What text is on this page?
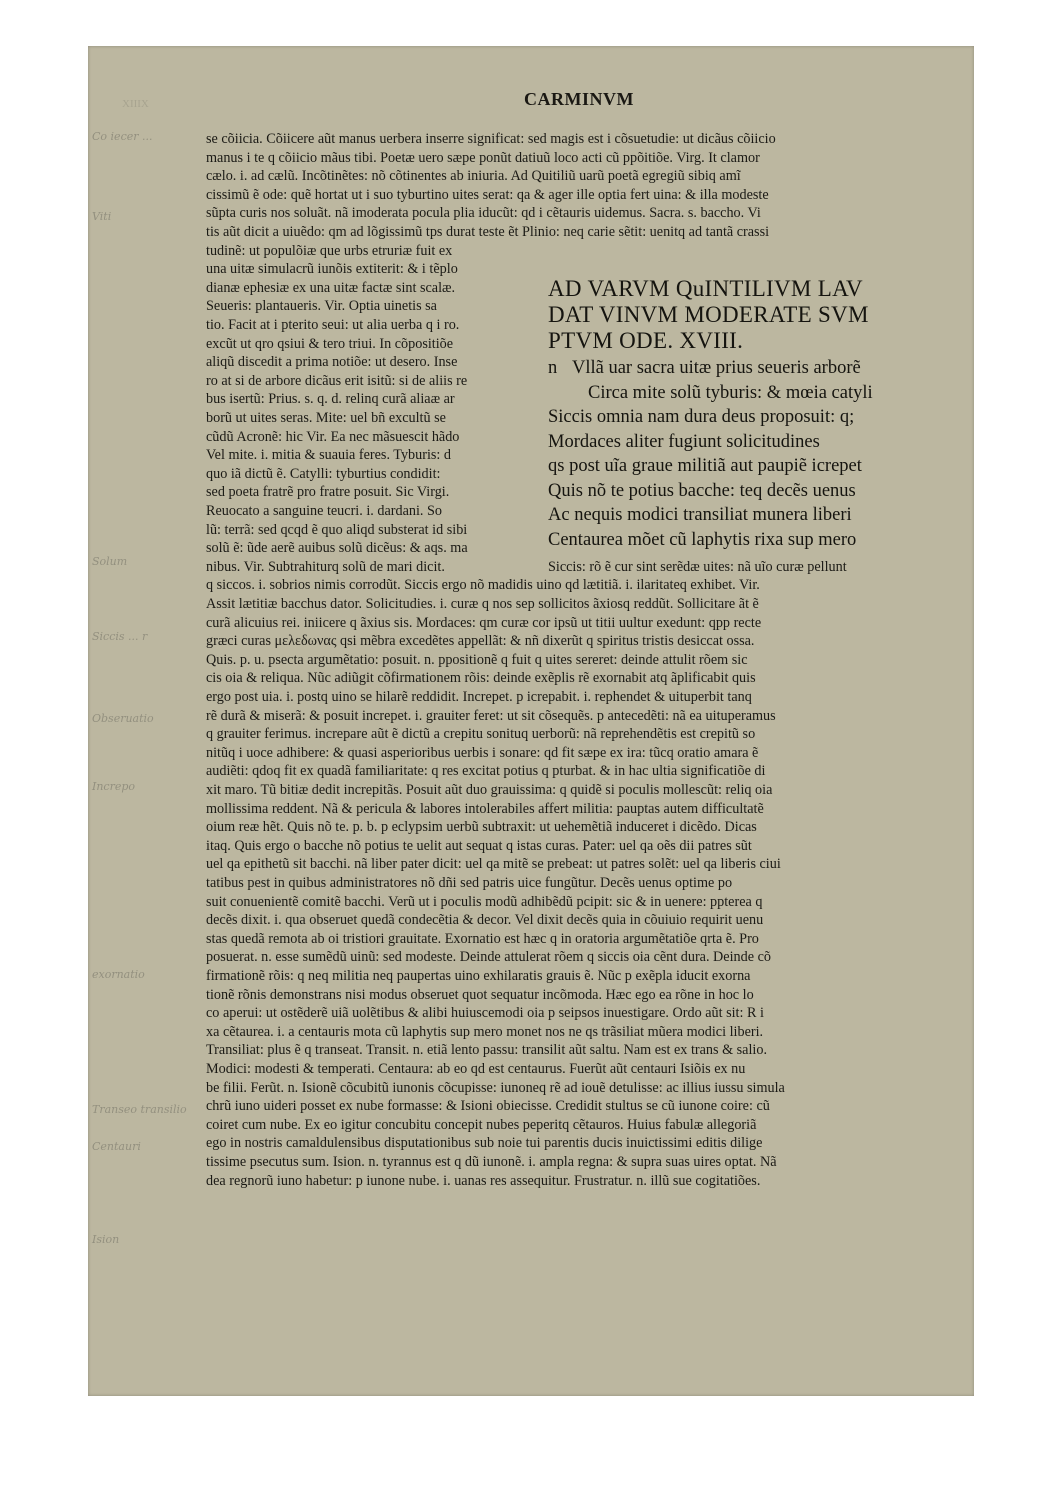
XIIIX	CARMINVM
se cõiicia. Cõiicere aũt manus uerbera inserre significat: sed magis est i cõsuetudie: ut dicãus cõiicio
manus i te q cõiicio mãus tibi. Poetæ uero sæpe ponũt datiuũ loco acti cũ ppõitiõe. Virg. It clamor
cælo. i. ad cælũ. Incõtinẽtes: nõ cõtinentes ab iniuria. Ad Quitiliũ uarũ poetã egregiũ sibiq amĩ
cissimũ ẽ ode: quẽ hortat ut i suo tyburtino uites serat: qa & ager ille optia fert uina: & illa modeste
sũpta curis nos soluãt. nã imoderata pocula plia iducũt: qd i cẽtauris uidemus. Sacra. s. baccho. Vi
tis aũt dicit a uiuẽdo: qm ad lõgissimũ tps durat teste ẽt Plinio: neq carie sẽtit: uenitq ad tantã crassi
tudinẽ: ut populõiæ que urbs etruriæ fuit ex
una uitæ simulacrũ iunõis extiterit: & i tẽplo
dianæ ephesiæ ex una uitæ factæ sint scalæ.
Seueris: plantaueris. Vir. Optia uinetis sa
tio. Facit at i pterito seui: ut alia uerba q i ro.
excũt ut qro qsiui & tero triui. In cõpositiõe
aliqũ discedit a prima notiõe: ut desero. Inse
ro at si de arbore dicãus erit isitũ: si de aliis re
bus isertũ: Prius. s. q. d. relinq curã aliaæ ar
borũ ut uites seras. Mite: uel bñ excultũ se
cũdũ Acronẽ: hic Vir. Ea nec mãsuescit hãdo
Vel mite. i. mitia & suauia feres. Tyburis: d
quo iã dictũ ẽ. Catylli: tyburtius condidit:
sed poeta fratrẽ pro fratre posuit. Sic Virgi.
Reuocato a sanguine teucri. i. dardani. So
lũ: terrã: sed qcqd ẽ quo aliqd substerat id sibi
solũ ẽ: ũde aerẽ auibus solũ dicẽus: & aqs. ma
nibus. Vir. Subtrahiturq solũ de mari dicit.
AD VARVM QuINTILIVM LAV
DAT VINVM MODERATE SVM
PTVM ODE. XVIII.
n Vllã uar sacra uitæ prius seueris arborẽ
Circa mite solũ tyburis: & mœia catyli
Siccis omnia nam dura deus proposuit: q;
Mordaces aliter fugiunt solicitudines
qs post uĩa graue militiã aut paupiẽ icrepet
Quis nõ te potius bacche: teq decẽs uenus
Ac nequis modici transiliat munera liberi
Centaurea mõet cũ laphytis rixa sup mero
Siccis: rõ ẽ cur sint serẽdæ uites: nã uĩo curæ pellunt
q siccos. i. sobrios nimis corrodũt. Siccis ergo nõ madidis uino qd lætitiã. i. ilaritateq exhibet. Vir.
Assit lætitiæ bacchus dator. Solicitudies. i. curæ q nos sep sollicitos ãxiosq reddũt. Sollicitare ãt ẽ
curã alicuius rei. iniicere q ãxius sis. Mordaces: qm curæ cor ipsũ ut titii uultur exedunt: qpp recte
græci curas μελεδωνας qsi mẽbra excedẽtes appellãt: & nñ dixerũt q spiritus tristis desiccat ossa.
Quis. p. u. psecta argumẽtatio: posuit. n. ppositionẽ q fuit q uites sereret: deinde attulit rõem sic
cis oia & reliqua. Nũc adiũgit cõfirmationem rõis: deinde exẽplis rẽ exornabit atq ãplificabit quis
ergo post uia. i. postq uino se hilarẽ reddidit. Increpet. p icrepabit. i. rephendet & uituperbit tanq
rẽ durã & miserã: & posuit increpet. i. grauiter feret: ut sit cõsequẽs. p antecedẽti: nã ea uituperamus
q grauiter ferimus. increpare aũt ẽ dictũ a crepitu sonituq uerborũ: nã reprehendẽtis est crepitũ so
nitũq i uoce adhibere: & quasi asperioribus uerbis i sonare: qd fit sæpe ex ira: tũcq oratio amara ẽ
audiẽti: qdoq fit ex quadã familiaritate: q res excitat potius q pturbat. & in hac ultia significatiõe di
xit maro. Tũ bitiæ dedit increpitãs. Posuit aũt duo grauissima: q quidẽ si poculis mollescũt: reliq oia
mollissima reddent. Nã & pericula & labores intolerabiles affert militia: pauptas autem difficultatẽ
oium reæ hẽt. Quis nõ te. p. b. p eclypsim uerbũ subtraxit: ut uehemẽtiã induceret i dicẽdo. Dicas
itaq. Quis ergo o bacche nõ potius te uelit aut sequat q istas curas. Pater: uel qa oẽs dii patres sũt
uel qa epithetũ sit bacchi. nã liber pater dicit: uel qa mitẽ se prebeat: ut patres solẽt: uel qa liberis ciui
tatibus pest in quibus administratores nõ dñi sed patris uice fungũtur. Decẽs uenus optime po
suit conuenientẽ comitẽ bacchi. Verũ ut i poculis modũ adhibẽdũ pcipit: sic & in uenere: ppterea q
decẽs dixit. i. qua obseruet quedã condecẽtia & decor. Vel dixit decẽs quia in cõuiuio requirit uenu
stas quedã remota ab oi tristiori grauitate. Exornatio est hæc q in oratoria argumẽtatiõe qrta ẽ. Pro
posuerat. n. esse sumẽdũ uinũ: sed modeste. Deinde attulerat rõem q siccis oia cẽnt dura. Deinde cõ
firmationẽ rõis: q neq militia neq paupertas uino exhilaratis grauis ẽ. Nũc p exẽpla iducit exorna
tionẽ rõnis demonstrans nisi modus obseruet quot sequatur incõmoda. Hæc ego ea rõne in hoc lo
co aperui: ut ostẽderẽ uiã uolẽtibus & alibi huiuscemodi oia p seipsos inuestigare. Ordo aũt sit: R i
xa cẽtaurea. i. a centauris mota cũ laphytis sup mero monet nos ne qs trãsiliat mũera modici liberi.
Transiliat: plus ẽ q transeat. Transit. n. etiã lento passu: transilit aũt saltu. Nam est ex trans & salio.
Modici: modesti & temperati. Centaura: ab eo qd est centaurus. Fuerũt aũt centauri Isiõis ex nu
be filii. Ferũt. n. Isionẽ cõcubitũ iunonis cõcupisse: iunoneq rẽ ad iouẽ detulisse: ac illius iussu simula
chrũ iuno uideri posset ex nube formasse: & Isioni obiecisse. Credidit stultus se cũ iunone coire: cũ
coiret cum nube. Ex eo igitur concubitu concepit nubes peperitq cẽtauros. Huius fabulæ allegoriã
ego in nostris camaldulensibus disputationibus sub noie tui parentis ducis inuictissimi editis dilige
tissime psecutus sum. Ision. n. tyrannus est q dũ iunonẽ. i. ampla regna: & supra suas uires optat. Nã
dea regnorũ iuno habetur: p iunone nube. i. uanas res assequitur. Frustratur. n. illũ sue cogitatiões.
Co iecer ...
Viti
Solum
Siccis ... r
Obseruatio
Increpo
exornatio
Transeo transilio
Centauri
Ision
